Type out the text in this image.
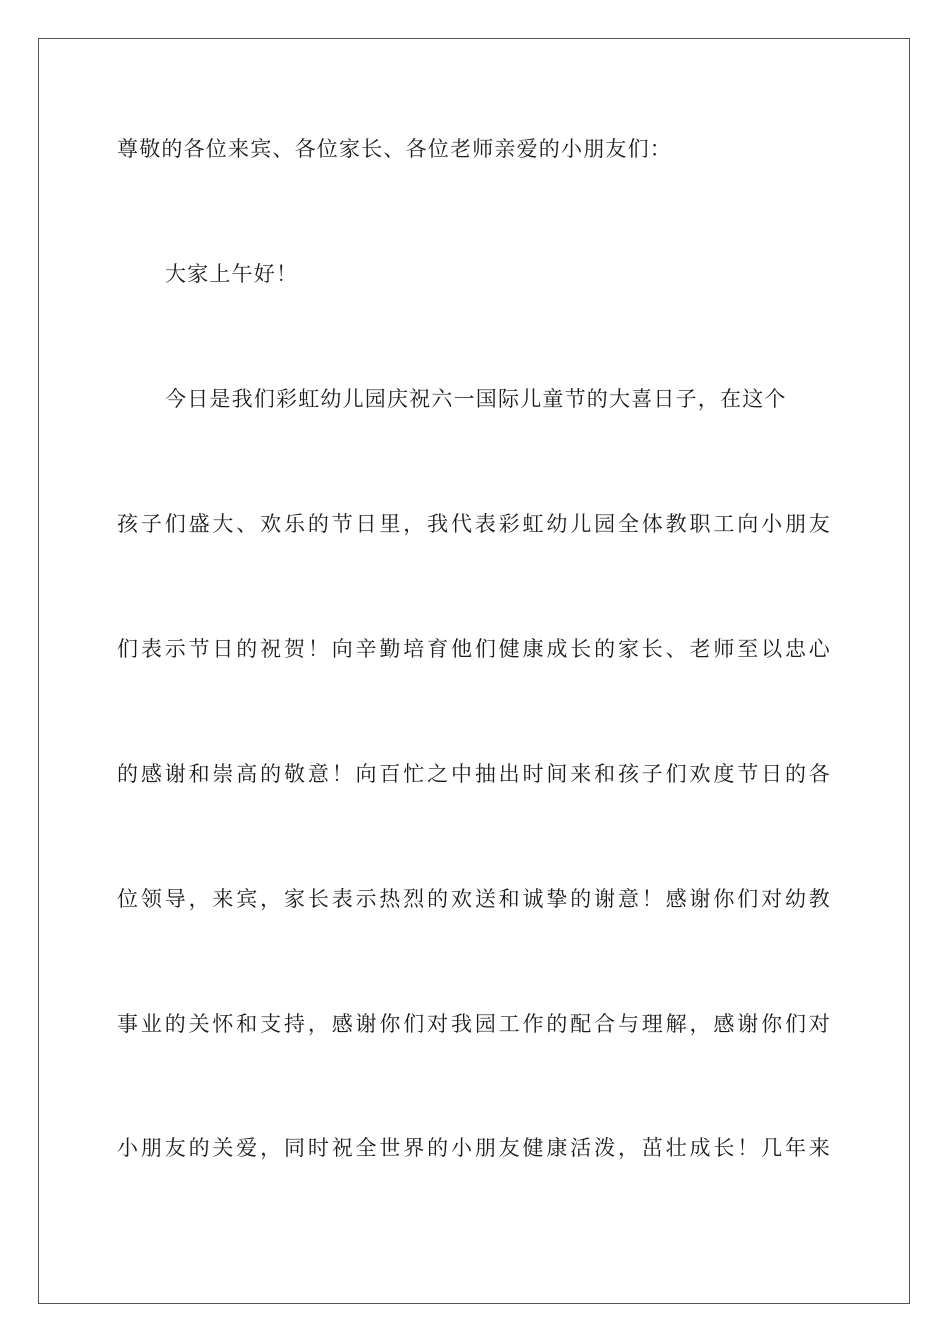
尊敬的各位来宾、各位家长、各位老师亲爱的小朋友们：
大家上午好！
今日是我们彩虹幼儿园庆祝六一国际儿童节的大喜日子，在这个
孩子们盛大、欢乐的节日里，我代表彩虹幼儿园全体教职工向小朋友
们表示节日的祝贺！向辛勤培育他们健康成长的家长、老师至以忠心
的感谢和崇高的敬意！向百忙之中抽出时间来和孩子们欢度节日的各
位领导，来宾，家长表示热烈的欢送和诚挚的谢意！感谢你们对幼教
事业的关怀和支持，感谢你们对我园工作的配合与理解，感谢你们对
小朋友的关爱，同时祝全世界的小朋友健康活泼，茁壮成长！几年来
